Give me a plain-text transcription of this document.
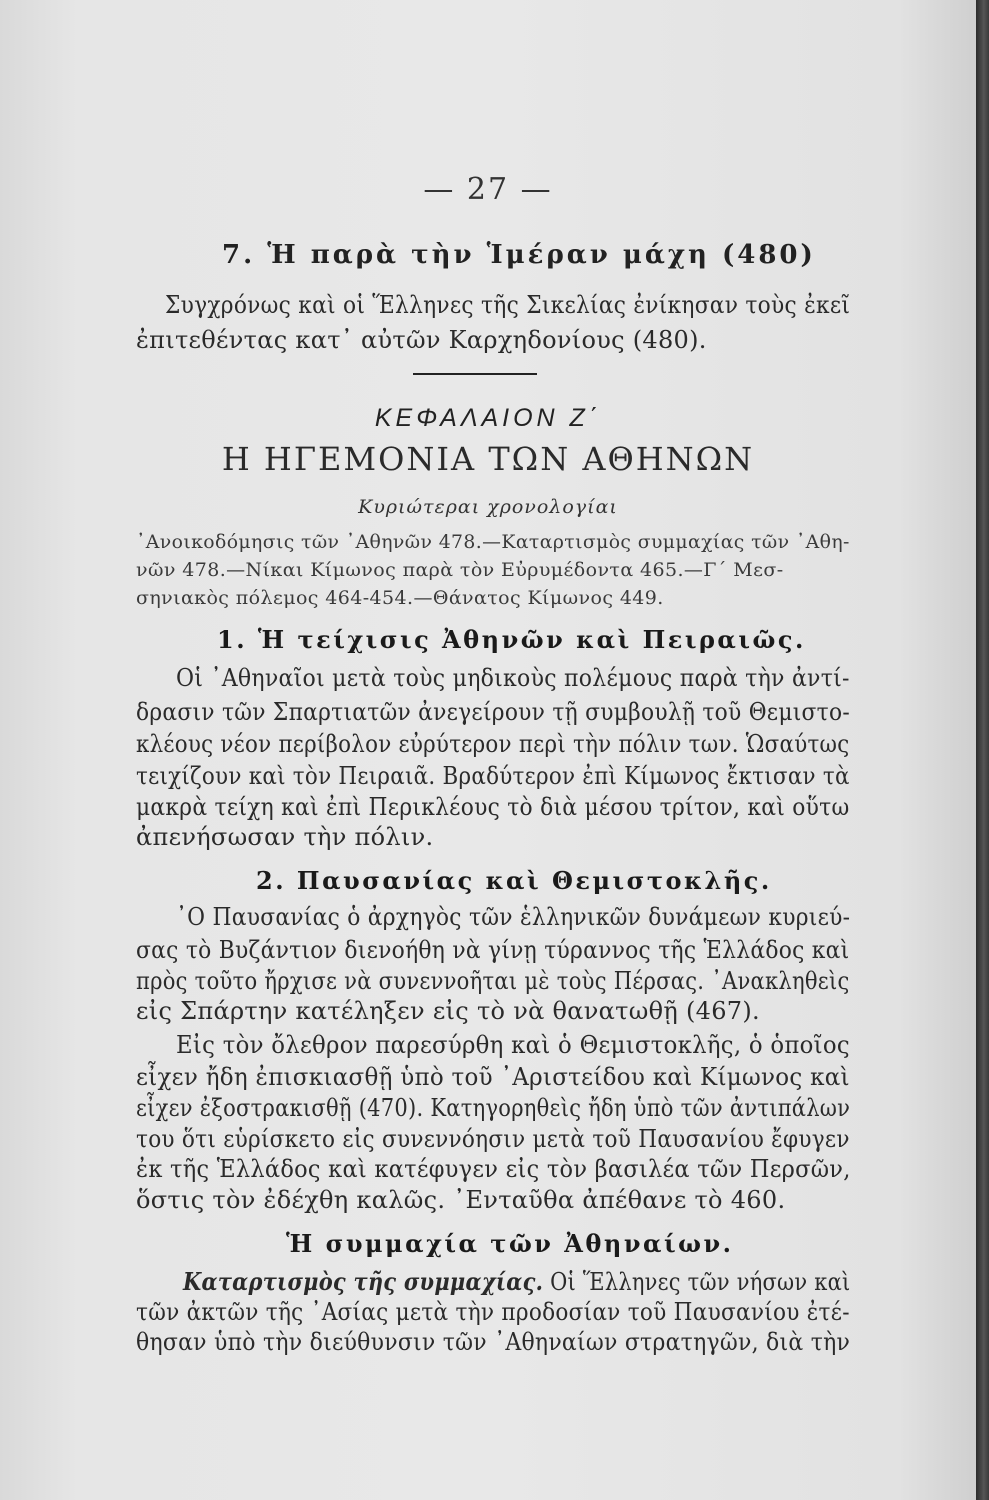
— 27 —
7. Ἡ παρὰ τὴν Ἱμέραν μάχη (480)
Συγχρόνως καὶ οἱ Ἕλληνες τῆς Σικελίας ἐνίκησαν τοὺς ἐκεῖ
ἐπιτεθέντας κατ᾽ αὐτῶν Καρχηδονίους (480).
ΚΕΦΑΛΑΙΟΝ Ζ΄
Η ΗΓΕΜΟΝΙΑ ΤΩΝ ΑΘΗΝΩΝ
Κυριώτεραι χρονολογίαι
᾽Ανοικοδόμησις τῶν ᾽Αθηνῶν 478.—Καταρτισμὸς συμμαχίας τῶν ᾽Αθη-
νῶν 478.—Νίκαι Κίμωνος παρὰ τὸν Εὐρυμέδοντα 465.—Γ΄ Μεσ-
σηνιακὸς πόλεμος 464-454.—Θάνατος Κίμωνος 449.
1. Ἡ τείχισις Ἀθηνῶν καὶ Πειραιῶς.
Οἱ ᾽Αθηναῖοι μετὰ τοὺς μηδικοὺς πολέμους παρὰ τὴν ἀντί-
δρασιν τῶν Σπαρτιατῶν ἀνεγείρουν τῇ συμβουλῇ τοῦ Θεμιστο-
κλέους νέον περίβολον εὐρύτερον περὶ τὴν πόλιν των. Ὡσαύτως
τειχίζουν καὶ τὸν Πειραιᾶ. Βραδύτερον ἐπὶ Κίμωνος ἔκτισαν τὰ
μακρὰ τείχη καὶ ἐπὶ Περικλέους τὸ διὰ μέσου τρίτον, καὶ οὕτω
ἀπενήσωσαν τὴν πόλιν.
2. Παυσανίας καὶ Θεμιστοκλῆς.
᾽Ο Παυσανίας ὁ ἀρχηγὸς τῶν ἑλληνικῶν δυνάμεων κυριεύ-
σας τὸ Βυζάντιον διενοήθη νὰ γίνῃ τύραννος τῆς Ἑλλάδος καὶ
πρὸς τοῦτο ἤρχισε νὰ συνεννοῆται μὲ τοὺς Πέρσας. ᾽Ανακληθεὶς
εἰς Σπάρτην κατέληξεν εἰς τὸ νὰ θανατωθῇ (467).
Εἰς τὸν ὄλεθρον παρεσύρθη καὶ ὁ Θεμιστοκλῆς, ὁ ὁποῖος
εἶχεν ἤδη ἐπισκιασθῇ ὑπὸ τοῦ ᾽Αριστείδου καὶ Κίμωνος καὶ
εἶχεν ἐξοστρακισθῇ (470). Κατηγορηθεὶς ἤδη ὑπὸ τῶν ἀντιπάλων
του ὅτι εὑρίσκετο εἰς συνεννόησιν μετὰ τοῦ Παυσανίου ἔφυγεν
ἐκ τῆς Ἑλλάδος καὶ κατέφυγεν εἰς τὸν βασιλέα τῶν Περσῶν,
ὅστις τὸν ἐδέχθη καλῶς. ᾽Ενταῦθα ἀπέθανε τὸ 460.
Ἡ συμμαχία τῶν Ἀθηναίων.
Καταρτισμὸς τῆς συμμαχίας. Οἱ Ἕλληνες τῶν νήσων καὶ
τῶν ἀκτῶν τῆς ᾽Ασίας μετὰ τὴν προδοσίαν τοῦ Παυσανίου ἐτέ-
θησαν ὑπὸ τὴν διεύθυνσιν τῶν ᾽Αθηναίων στρατηγῶν, διὰ τὴν
